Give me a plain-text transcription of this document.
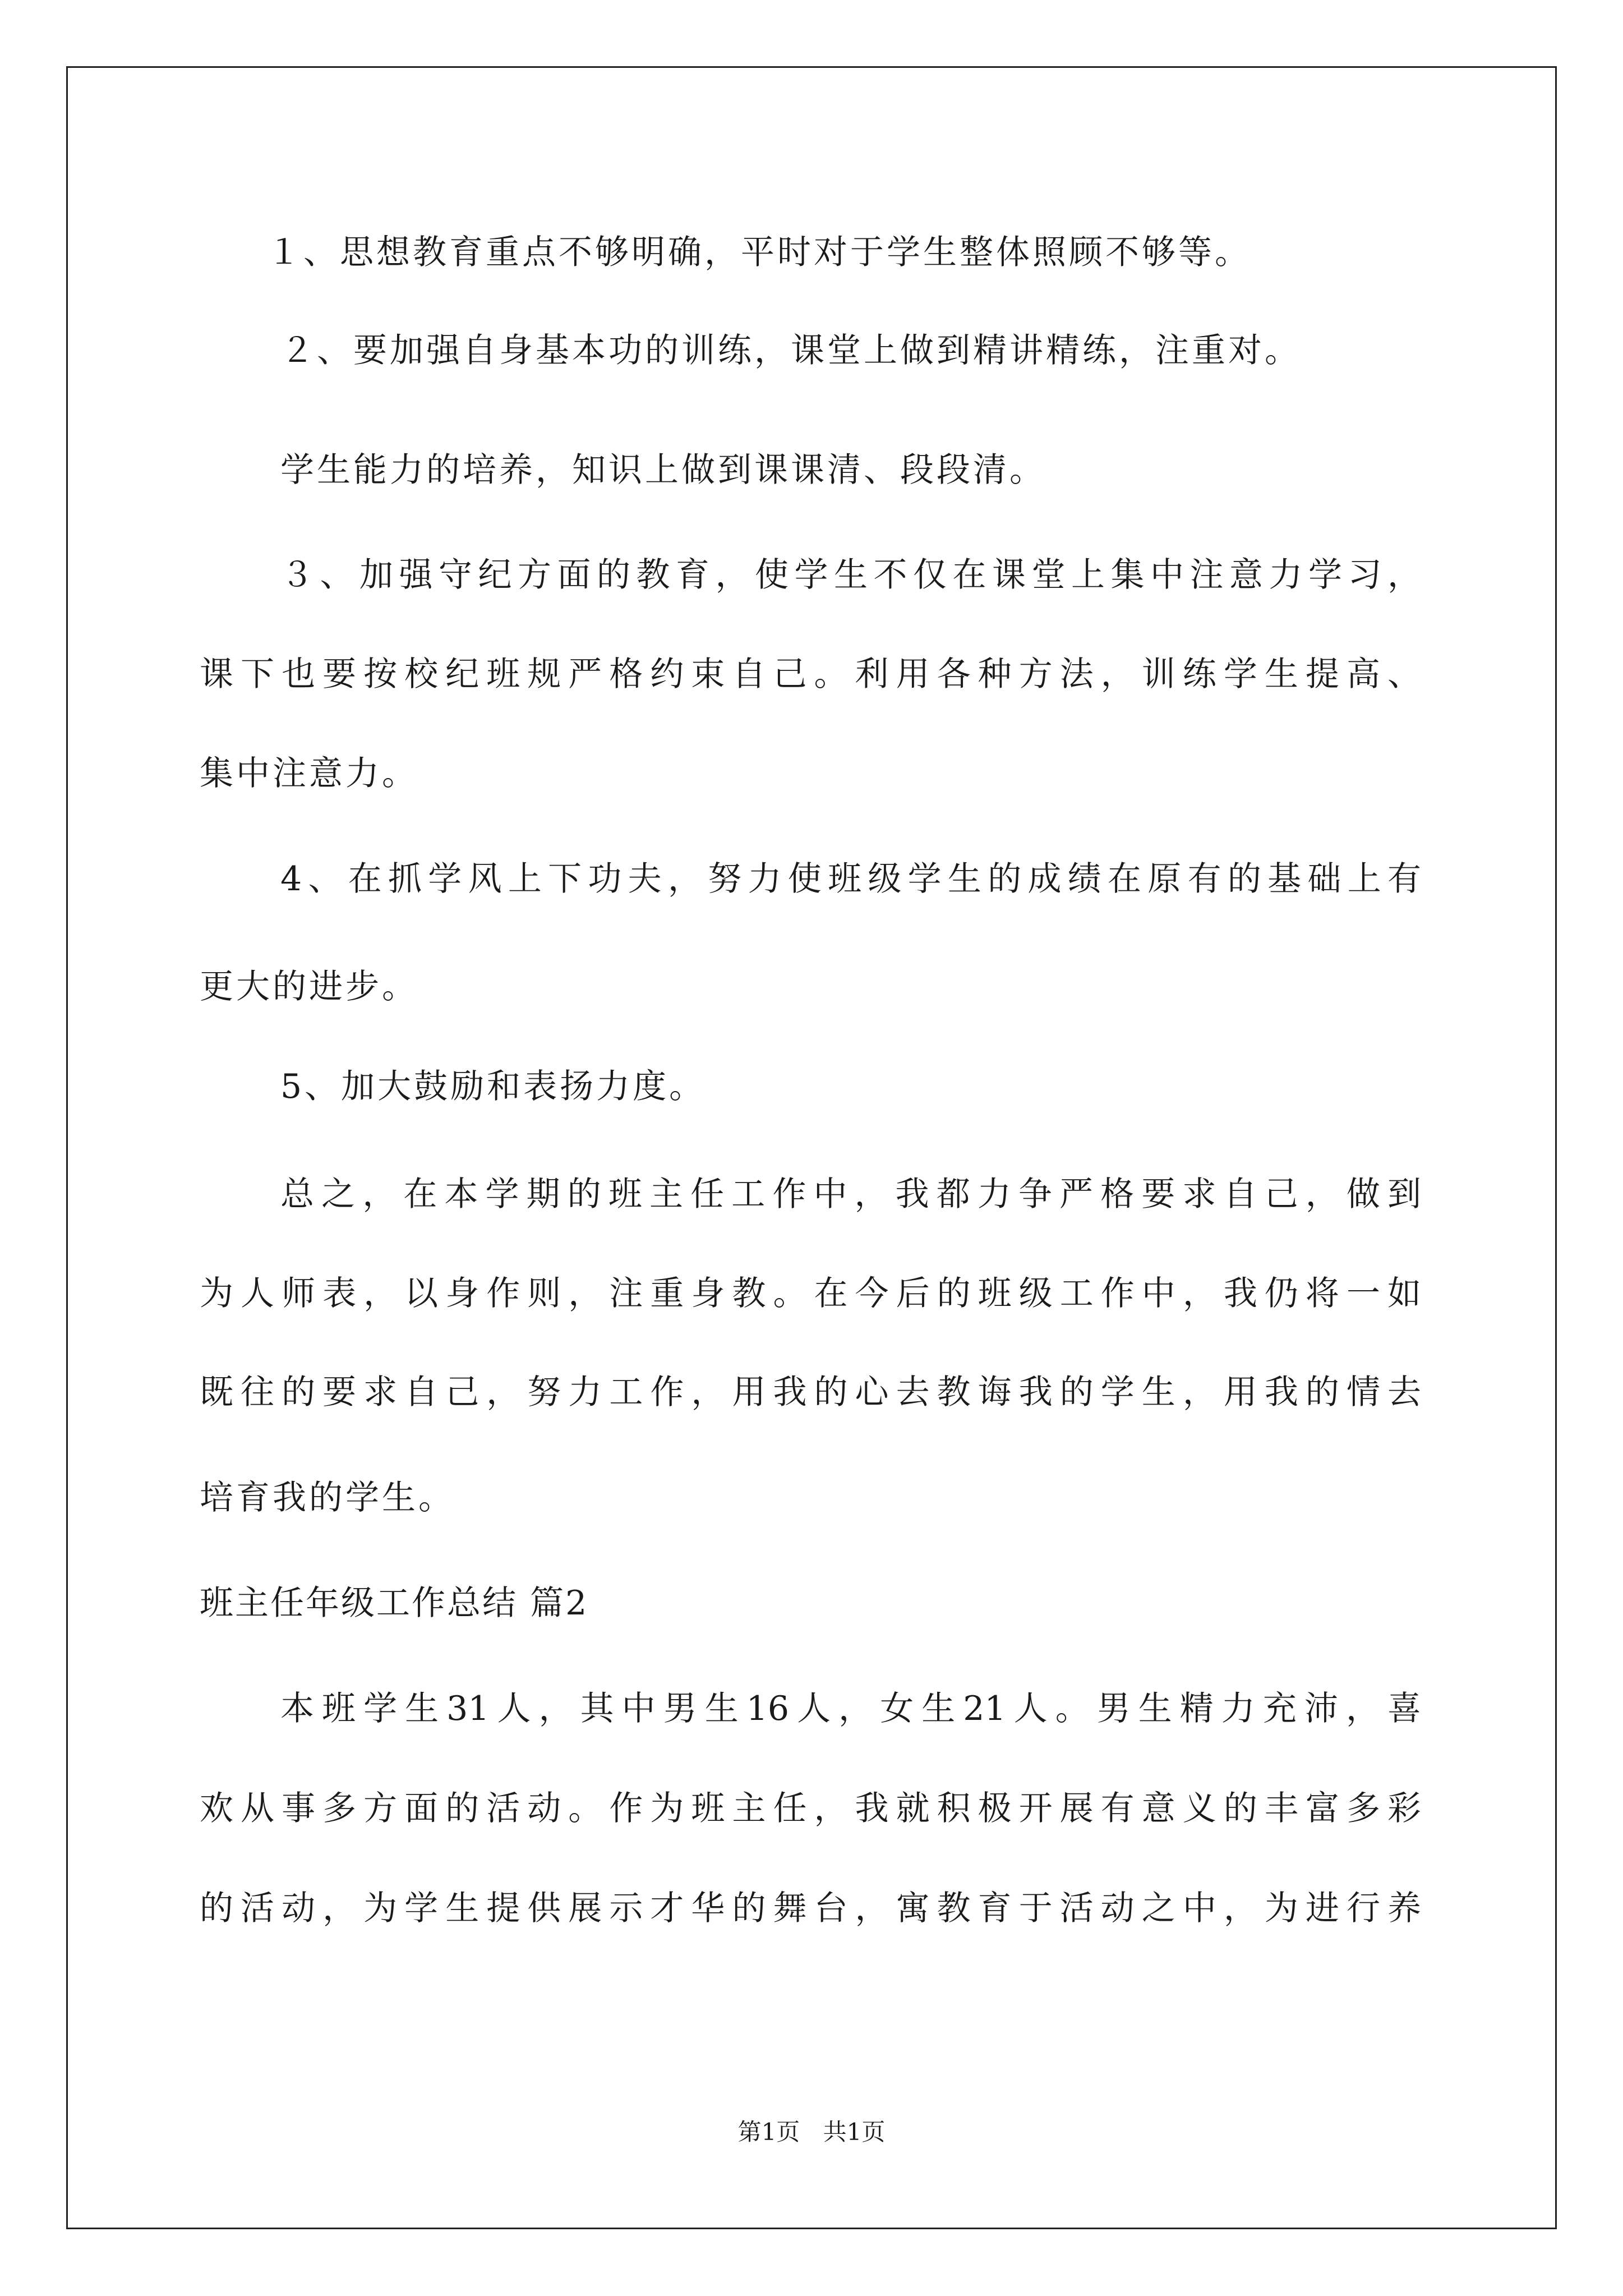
１、思想教育重点不够明确，平时对于学生整体照顾不够等。
２、要加强自身基本功的训练，课堂上做到精讲精练，注重对。
学生能力的培养，知识上做到课课清、段段清。
３、加强守纪方面的教育，使学生不仅在课堂上集中注意力学习，
课下也要按校纪班规严格约束自己。利用各种方法，训练学生提高、
集中注意力。
4、在抓学风上下功夫，努力使班级学生的成绩在原有的基础上有
更大的进步。
5、加大鼓励和表扬力度。
总之，在本学期的班主任工作中，我都力争严格要求自己，做到
为人师表，以身作则，注重身教。在今后的班级工作中，我仍将一如
既往的要求自己，努力工作，用我的心去教诲我的学生，用我的情去
培育我的学生。
班主任年级工作总结 篇2
本班学生31人，其中男生16人，女生21人。男生精力充沛，喜
欢从事多方面的活动。作为班主任，我就积极开展有意义的丰富多彩
的活动，为学生提供展示才华的舞台，寓教育于活动之中，为进行养
第1页 共1页
